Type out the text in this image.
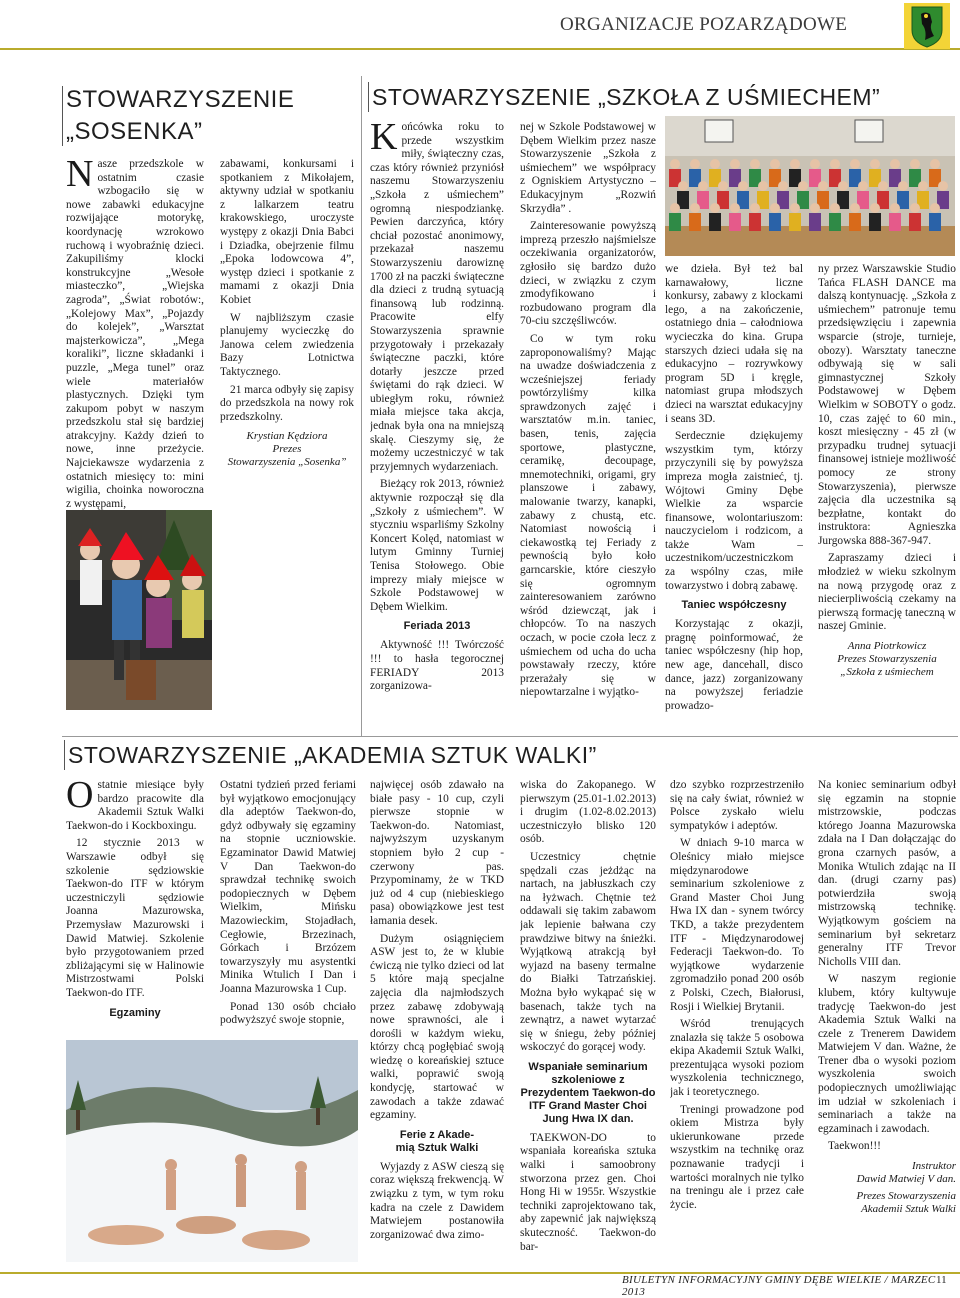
ORGANIZACJE POZARZĄDOWE
STOWARZYSZENIE
„SOSENKA”

Nasze przedszkole w ostatnim czasie wzbogaciło się w nowe zabawki edukacyjne rozwijające motorykę, koordynację wzrokowo ruchową i wyobraźnię dzieci. Zakupiliśmy klocki konstrukcyjne „Wesołe miasteczko”, „Wiejska zagroda”, „Świat robotów:, „Kolejowy Max”, „Pojazdy do kolejek”, „Warsztat majsterkowicza”, „Mega koraliki”, liczne składanki i puzzle, „Mega tunel” oraz wiele materiałów plastycznych. Dzięki tym zakupom pobyt w naszym przedszkolu stał się bardziej atrakcyjny. Każdy dzień to nowe, inne przeżycie. Najciekawsze wydarzenia z ostatnich miesięcy to: mini wigilia, choinka noworoczna z występami,

zabawami, konkursami i spotkaniem z Mikołajem, aktywny udział w spotkaniu z lalkarzem teatru krakowskiego, uroczyste występy z okazji Dnia Babci i Dziadka, obejrzenie filmu „Epoka lodowcowa 4”, występ dzieci i spotkanie z mamami z okazji Dnia Kobiet

W najbliższym czasie planujemy wycieczkę do Janowa celem zwiedzenia Bazy Lotnictwa Taktycznego.

21 marca odbyły się zapisy do przedszkola na nowy rok przedszkolny.

Krystian Kędziora
Prezes
Stowarzyszenia „Sosenka”
STOWARZYSZENIE „SZKOŁA Z UŚMIECHEM”

Końcówka roku to przede wszystkim miły, świąteczny czas, czas który również przyniósł naszemu Stowarzyszeniu „Szkoła z uśmiechem” ogromną niespodziankę. Pewien darczyńca, który chciał pozostać anonimowy, przekazał naszemu Stowarzyszeniu darowiznę 1700 zł na paczki świąteczne dla dzieci z trudną sytuacją finansową lub rodzinną. Pracowite elfy Stowarzyszenia sprawnie przygotowały i przekazały świąteczne paczki, które dotarły jeszcze przed świętami do rąk dzieci. W ubiegłym roku, również miała miejsce taka akcja, jednak była ona na mniejszą skalę. Cieszymy się, że możemy uczestniczyć w tak przyjemnych wydarzeniach.

Bieżący rok 2013, również aktywnie rozpoczął się dla „Szkoły z uśmiechem”. W styczniu wsparliśmy Szkolny Koncert Kolęd, natomiast w lutym Gminny Turniej Tenisa Stołowego. Obie imprezy miały miejsce w Szkole Podstawowej w Dębem Wielkim.

Feriada 2013

Aktywność !!! Twórczość !!! to hasła tegorocznej FERIADY 2013 zorganizowa-

nej w Szkole Podstawowej w Dębem Wielkim przez nasze Stowarzyszenie „Szkoła z uśmiechem” we współpracy z Ogniskiem Artystyczno – Edukacyjnym „Rozwiń Skrzydła” .

Zainteresowanie powyższą imprezą przeszło najśmielsze oczekiwania organizatorów, zgłosiło się bardzo dużo dzieci, w związku z czym zmodyfikowano i rozbudowano program dla 70-ciu szczęśliwców.

Co w tym roku zaproponowaliśmy? Mając na uwadze doświadczenia z wcześniejszej feriady powtórzyliśmy kilka sprawdzonych zajęć i warsztatów m.in. taniec, basen, tenis, zajęcia sportowe, plastyczne, ceramikę, decoupage, mnemotechniki, origami, gry planszowe i zabawy, malowanie twarzy, kanapki, zabawy z chustą, etc. Natomiast nowością i ciekawostką tej Feriady z pewnością było koło garncarskie, które cieszyło się ogromnym zainteresowaniem zarówno wśród dziewcząt, jak i chłopców. To na naszych oczach, w pocie czoła lecz z uśmiechem od ucha do ucha powstawały rzeczy, które przerażały się w niepowtarzalne i wyjątko-

we dzieła. Był też bal karnawałowy, liczne konkursy, zabawy z klockami lego, a na zakończenie, ostatniego dnia – całodniowa wycieczka do kina. Grupa starszych dzieci udała się na edukacyjno – rozrywkowy program 5D i kręgle, natomiast grupa młodszych dzieci na warsztat edukacyjny i seans 3D.

Serdecznie dziękujemy wszystkim tym, którzy przyczynili się by powyższa impreza mogła zaistnieć, tj. Wójtowi Gminy Dębe Wielkie za wsparcie finansowe, wolontariuszom: nauczycielom i rodzicom, a także Wam – uczestnikom/uczestniczkom za wspólny czas, miłe towarzystwo i dobrą zabawę.

Taniec współczesny

Korzystając z okazji, pragnę poinformować, że taniec współczesny (hip hop, new age, dancehall, disco dance, jazz) zorganizowany na powyższej feriadzie prowadzo-

ny przez Warszawskie Studio Tańca FLASH DANCE ma dalszą kontynuację. „Szkoła z uśmiechem” patronuje temu przedsięwzięciu i zapewnia wsparcie (stroje, turnieje, obozy). Warsztaty taneczne odbywają się w sali gimnastycznej Szkoły Podstawowej w Dębem Wielkim w SOBOTY o godz. 10, czas zajęć to 60 min., koszt miesięczny - 45 zł (w przypadku trudnej sytuacji finansowej istnieje możliwość pomocy ze strony Stowarzyszenia), pierwsze zajęcia dla uczestnika są bezpłatne, kontakt do instruktora: Agnieszka Jurgowska 888-367-947.

Zapraszamy dzieci i młodzież w wieku szkolnym na nową przygodę oraz z niecierpliwością czekamy na pierwszą formację taneczną w naszej Gminie.

Anna Piotrkowicz
Prezes Stowarzyszenia
„Szkoła z uśmiechem
STOWARZYSZENIE „AKADEMIA SZTUK WALKI”

Ostatnie miesiące były bardzo pracowite dla Akademii Sztuk Walki Taekwon-do i Kockboxingu.

12 stycznie 2013 w Warszawie odbył się szkolenie sędziowskie Taekwon-do ITF w którym uczestniczyli sędziowie Joanna Mazurowska, Przemysław Mazurowski i Dawid Matwiej. Szkolenie było przygotowaniem przed zbliżającymi się w Halinowie Mistrzostwami Polski Taekwon-do ITF.

Egzaminy

Ostatni tydzień przed feriami był wyjątkowo emocjonujący dla adeptów Taekwon-do, gdyż odbywały się egzaminy na stopnie uczniowskie. Egzaminator Dawid Matwiej V Dan Taekwon-do sprawdzał technikę swoich podopiecznych w Dębem Wielkim, Mińsku Mazowieckim, Stojadłach, Cegłowie, Brzezinach, Górkach i Brzózem towarzyszyły mu asystentki Minika Wtulich I Dan i Joanna Mazurowska 1 Cup.

Ponad 130 osób chciało podwyższyć swoje stopnie,

najwięcej osób zdawało na białe pasy - 10 cup, czyli pierwsze stopnie w Taekwon-do. Natomiast, najwyższym uzyskanym stopniem było 2 cup - czerwony pas. Przypominamy, że w TKD już od 4 cup (niebieskiego pasa) obowiązkowe jest test łamania desek.

Dużym osiągnięciem ASW jest to, że w klubie ćwiczą nie tylko dzieci od lat 5 które mają specjalne zajęcia dla najmłodszych przez zabawę zdobywają nowe sprawności, ale i dorośli w każdym wieku, którzy chcą pogłębiać swoją wiedzę o koreańskiej sztuce walki, poprawić swoją kondycję, startować w zawodach a także zdawać egzaminy.

Ferie z Akade-
mią Sztuk Walki

Wyjazdy z ASW cieszą się coraz większą frekwencją. W związku z tym, w tym roku kadra na czele z Dawidem Matwiejem postanowiła zorganizować dwa zimo-

wiska do Zakopanego. W pierwszym (25.01-1.02.2013) i drugim (1.02-8.02.2013) uczestniczyło blisko 120 osób.

Uczestnicy chętnie spędzali czas jeżdżąc na nartach, na jabłuszkach czy na łyżwach. Chętnie też oddawali się takim zabawom jak lepienie bałwana czy prawdziwe bitwy na śnieżki. Wyjątkową atrakcją był wyjazd na baseny termalne do Białki Tatrzańskiej. Można było wykąpać się w basenach, także tych na zewnątrz, a nawet wytarzać się w śniegu, żeby później wskoczyć do gorącej wody.

Wspaniałe seminarium szkoleniowe z Prezydentem Taekwon-do ITF Grand Master Choi Jung Hwa IX dan.

TAEKWON-DO to wspaniała koreańska sztuka walki i samoobrony stworzona przez gen. Choi Hong Hi w 1955r. Wszystkie techniki zaprojektowano tak, aby zapewnić jak największą skuteczność. Taekwon-do bar-

dzo szybko rozprzestrzeniło się na cały świat, również w Polsce zyskało wielu sympatyków i adeptów.

W dniach 9-10 marca w Oleśnicy miało miejsce międzynarodowe seminarium szkoleniowe z Grand Master Choi Jung Hwa IX dan - synem twórcy TKD, a także prezydentem ITF - Międzynarodowej Federacji Taekwon-do. To wyjątkowe wydarzenie zgromadziło ponad 200 osób z Polski, Czech, Białorusi, Rosji i Wielkiej Brytanii.

Wśród trenujących znalazła się także 5 osobowa ekipa Akademii Sztuk Walki, prezentująca wysoki poziom wyszkolenia technicznego, jak i teoretycznego.

Treningi prowadzone pod okiem Mistrza były ukierunkowane przede wszystkim na technikę oraz poznawanie tradycji i wartości moralnych nie tylko na treningu ale i przez całe życie.

Na koniec seminarium odbył się egzamin na stopnie mistrzowskie, podczas którego Joanna Mazurowska zdała na I Dan dołączając do grona czarnych pasów, a Monika Wtulich zdając na II dan. (drugi czarny pas) potwierdziła swoją mistrzowską technikę. Wyjątkowym gościem na seminarium był sekretarz generalny ITF Trevor Nicholls VIII dan.

W naszym regionie klubem, który kultywuje tradycję Taekwon-do jest Akademia Sztuk Walki na czele z Trenerem Dawidem Matwiejem V dan. Ważne, że Trener dba o wysoki poziom wyszkolenia swoich podopiecznych umożliwiając im udział w szkoleniach i seminariach a także na egzaminach i zawodach.

Taekwon!!!

Instruktor
Dawid Matwiej V dan.
Prezes Stowarzyszenia
Akademii Sztuk Walki
BIULETYN INFORMACYJNY GMINY DĘBE WIELKIE / MARZEC 2013
11
